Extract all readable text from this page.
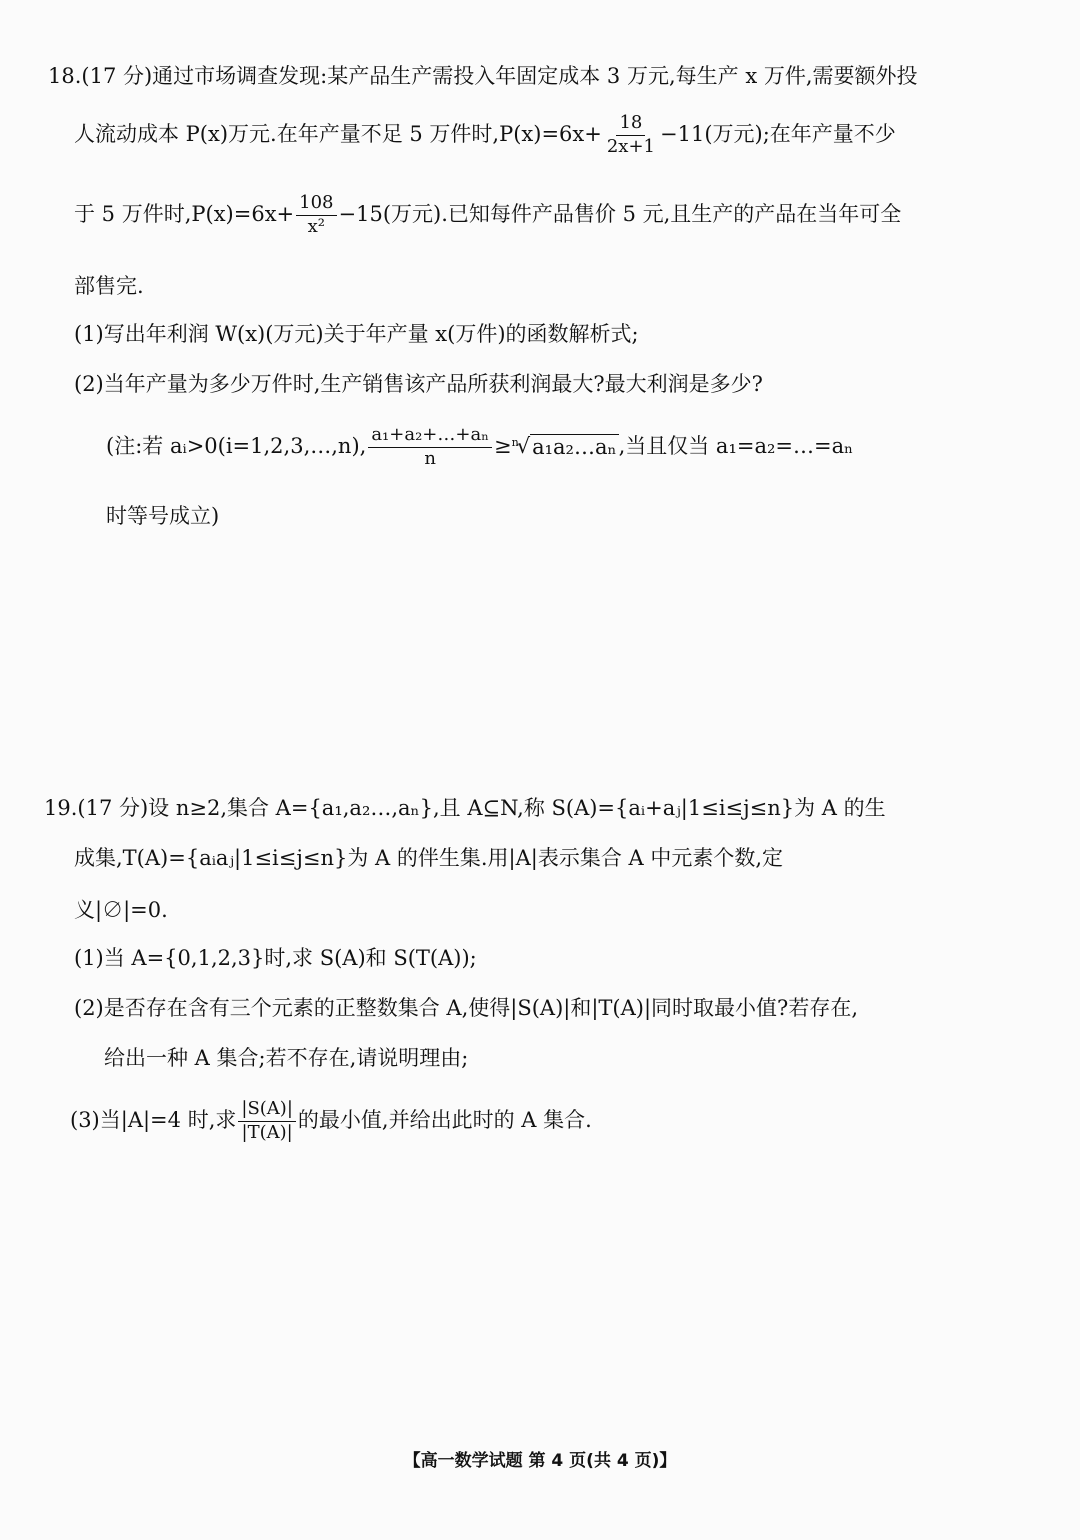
18.(17 分)通过市场调查发现:某产品生产需投入年固定成本 3 万元,每生产 x 万件,需要额外投
人流动成本 P(x)万元.在年产量不足 5 万件时$,P(x)=6x+ \frac{18}{2x+1} -11$(万元);在年产量不少
于 5 万件时$,P(x)=6x+ \frac{108}{\text{x²}} -15$(万元).已知每件产品售价 5 元,且生产的产品在当年可全
部售完.
(1)写出年利润 W(x)(万元)关于年产量 x(万件)的函数解析式;
(2)当年产量为多少万件时,生产销售该产品所获利润最大?最大利润是多少?
(注:若 aᵢ>0(i=1,2,3,…,n), $\frac{\text{a₁+a₂+…+aₙ}}{n} \ge^n$
√ a₁a₂…aₙ ,当且仅当 a₁=a₂=…=aₙ
时等号成立)
19.(17 分)设 n≥2,集合 A={a₁,a₂…,aₙ},且 A⊆N,称 S(A)={aᵢ+aⱼ|1≤i≤j≤n}为 A 的生
成集,T(A)={aᵢaⱼ|1≤i≤j≤n}为 A 的伴生集.用|A|表示集合 A 中元素个数,定
义|∅|=0.
(1)当 A={0,1,2,3}时,求 S(A)和 S(T(A));
(2)是否存在含有三个元素的正整数集合 A,使得|S(A)|和|T(A)|同时取最小值?若存在,
给出一种 A 集合;若不存在,请说明理由;
(3)当|A|=4 时,求 $\frac{|S(A)|}{|T(A)|}$ 的最小值,并给出此时的 A 集合.
【高一数学试题 第 4 页(共 4 页)】
